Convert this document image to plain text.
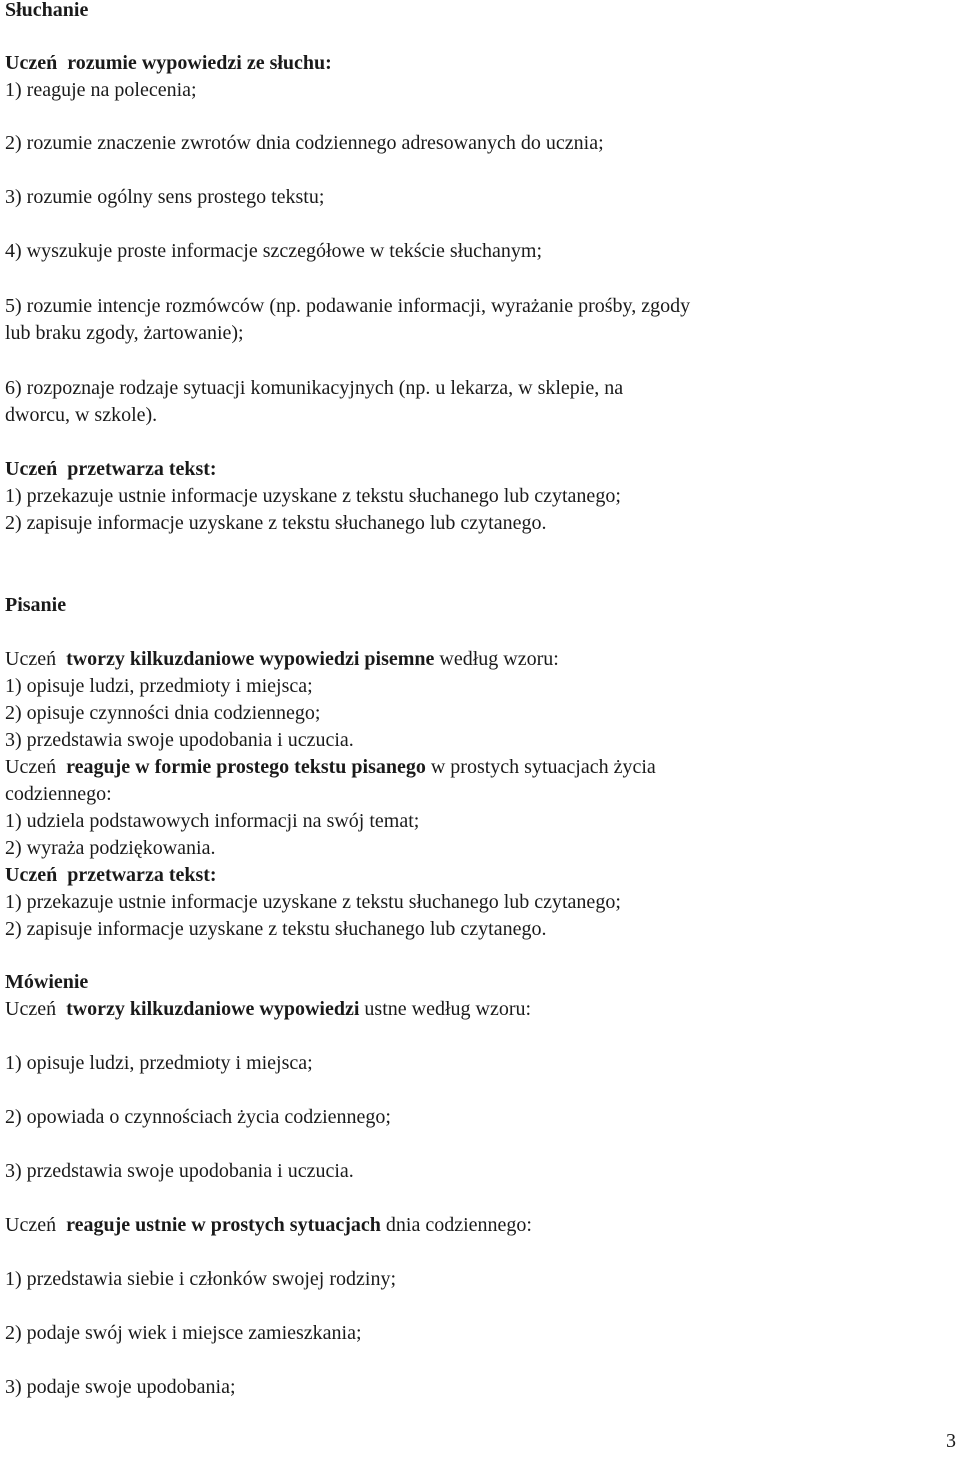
Słuchanie
Uczeń rozumie wypowiedzi ze słuchu:
1) reaguje na polecenia;
2) rozumie znaczenie zwrotów dnia codziennego adresowanych do ucznia;
3) rozumie ogólny sens prostego tekstu;
4) wyszukuje proste informacje szczegółowe w tekście słuchanym;
5) rozumie intencje rozmówców (np. podawanie informacji, wyrażanie prośby, zgody
lub braku zgody, żartowanie);
6) rozpoznaje rodzaje sytuacji komunikacyjnych (np. u lekarza, w sklepie, na
dworcu, w szkole).
Uczeń przetwarza tekst:
1) przekazuje ustnie informacje uzyskane z tekstu słuchanego lub czytanego;
2) zapisuje informacje uzyskane z tekstu słuchanego lub czytanego.
Pisanie
Uczeń tworzy kilkuzdaniowe wypowiedzi pisemne według wzoru:
1) opisuje ludzi, przedmioty i miejsca;
2) opisuje czynności dnia codziennego;
3) przedstawia swoje upodobania i uczucia.
Uczeń reaguje w formie prostego tekstu pisanego w prostych sytuacjach życia
codziennego:
1) udziela podstawowych informacji na swój temat;
2) wyraża podziękowania.
Uczeń przetwarza tekst:
1) przekazuje ustnie informacje uzyskane z tekstu słuchanego lub czytanego;
2) zapisuje informacje uzyskane z tekstu słuchanego lub czytanego.
Mówienie
Uczeń tworzy kilkuzdaniowe wypowiedzi ustne według wzoru:
1) opisuje ludzi, przedmioty i miejsca;
2) opowiada o czynnościach życia codziennego;
3) przedstawia swoje upodobania i uczucia.
Uczeń reaguje ustnie w prostych sytuacjach dnia codziennego:
1) przedstawia siebie i członków swojej rodziny;
2) podaje swój wiek i miejsce zamieszkania;
3) podaje swoje upodobania;
3
